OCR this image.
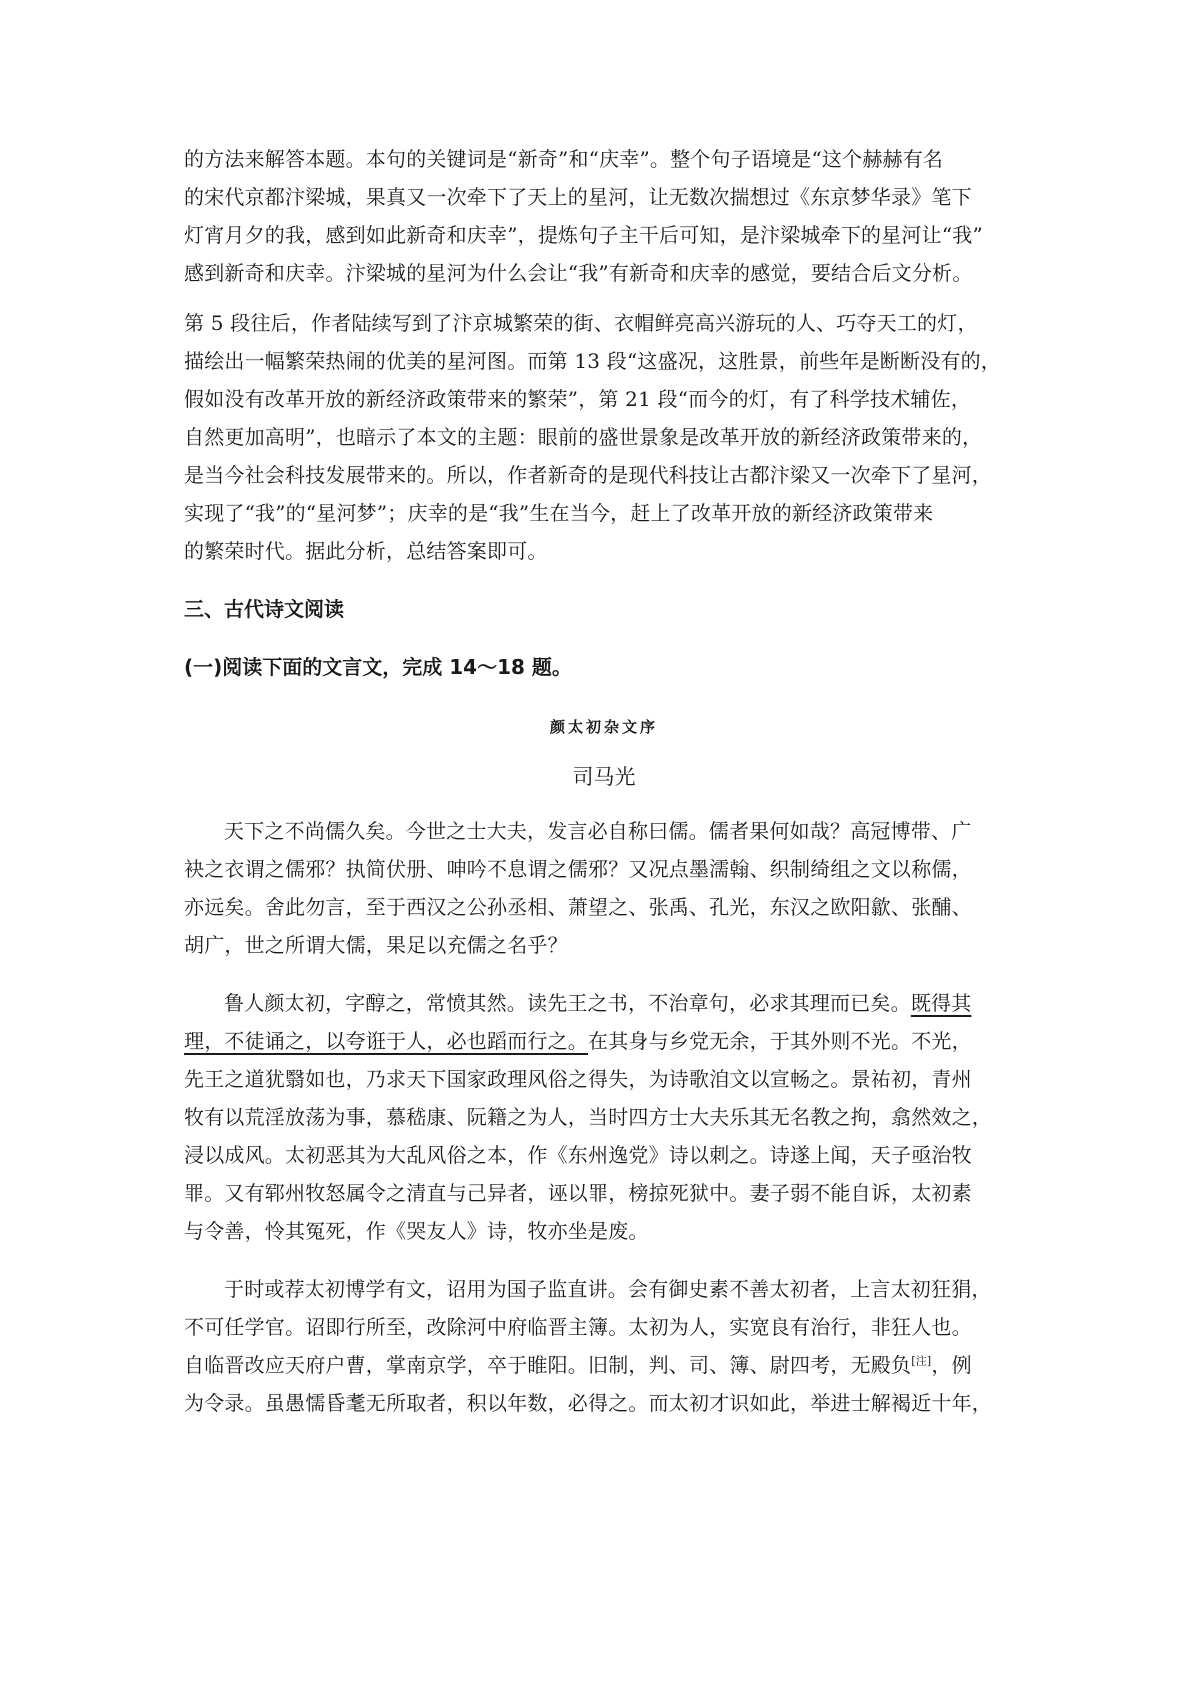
的方法来解答本题。本句的关键词是“新奇”和“庆幸”。整个句子语境是“这个赫赫有名
的宋代京都汴梁城，果真又一次牵下了天上的星河，让无数次揣想过《东京梦华录》笔下
灯宵月夕的我，感到如此新奇和庆幸”，提炼句子主干后可知，是汴梁城牵下的星河让“我”
感到新奇和庆幸。汴梁城的星河为什么会让“我”有新奇和庆幸的感觉，要结合后文分析。

第 5 段往后，作者陆续写到了汴京城繁荣的街、衣帽鲜亮高兴游玩的人、巧夺天工的灯，
描绘出一幅繁荣热闹的优美的星河图。而第 13 段“这盛况，这胜景，前些年是断断没有的，
假如没有改革开放的新经济政策带来的繁荣”，第 21 段“而今的灯，有了科学技术辅佐，
自然更加高明”，也暗示了本文的主题：眼前的盛世景象是改革开放的新经济政策带来的，
是当今社会科技发展带来的。所以，作者新奇的是现代科技让古都汴梁又一次牵下了星河，
实现了“我”的“星河梦”；庆幸的是“我”生在当今，赶上了改革开放的新经济政策带来
的繁荣时代。据此分析，总结答案即可。

三、古代诗文阅读

(一)阅读下面的文言文，完成 14～18 题。

颜太初杂文序

司马光

天下之不尚儒久矣。今世之士大夫，发言必自称曰儒。儒者果何如哉？高冠博带、广
袂之衣谓之儒邪？执简伏册、呻吟不息谓之儒邪？又况点墨濡翰、织制绮组之文以称儒，
亦远矣。舍此勿言，至于西汉之公孙丞相、萧望之、张禹、孔光，东汉之欧阳歙、张酺、
胡广，世之所谓大儒，果足以充儒之名乎？

鲁人颜太初，字醇之，常愤其然。读先王之书，不治章句，必求其理而已矣。既得其
理，不徒诵之，以夸诳于人，必也蹈而行之。在其身与乡党无余，于其外则不光。不光，
先王之道犹翳如也，乃求天下国家政理风俗之得失，为诗歌洎文以宣畅之。景祐初，青州
牧有以荒淫放荡为事，慕嵇康、阮籍之为人，当时四方士大夫乐其无名教之拘，翕然效之，
浸以成风。太初恶其为大乱风俗之本，作《东州逸党》诗以刺之。诗遂上闻，天子亟治牧
罪。又有郓州牧怒属令之清直与己异者，诬以罪，榜掠死狱中。妻子弱不能自诉，太初素
与令善，怜其冤死，作《哭友人》诗，牧亦坐是废。

于时或荐太初博学有文，诏用为国子监直讲。会有御史素不善太初者，上言太初狂狷，
不可任学官。诏即行所至，改除河中府临晋主簿。太初为人，实宽良有治行，非狂人也。
自临晋改应天府户曹，掌南京学，卒于睢阳。旧制，判、司、簿、尉四考，无殿负[注]，例
为令录。虽愚懦昏耄无所取者，积以年数，必得之。而太初才识如此，举进士解褐近十年，
